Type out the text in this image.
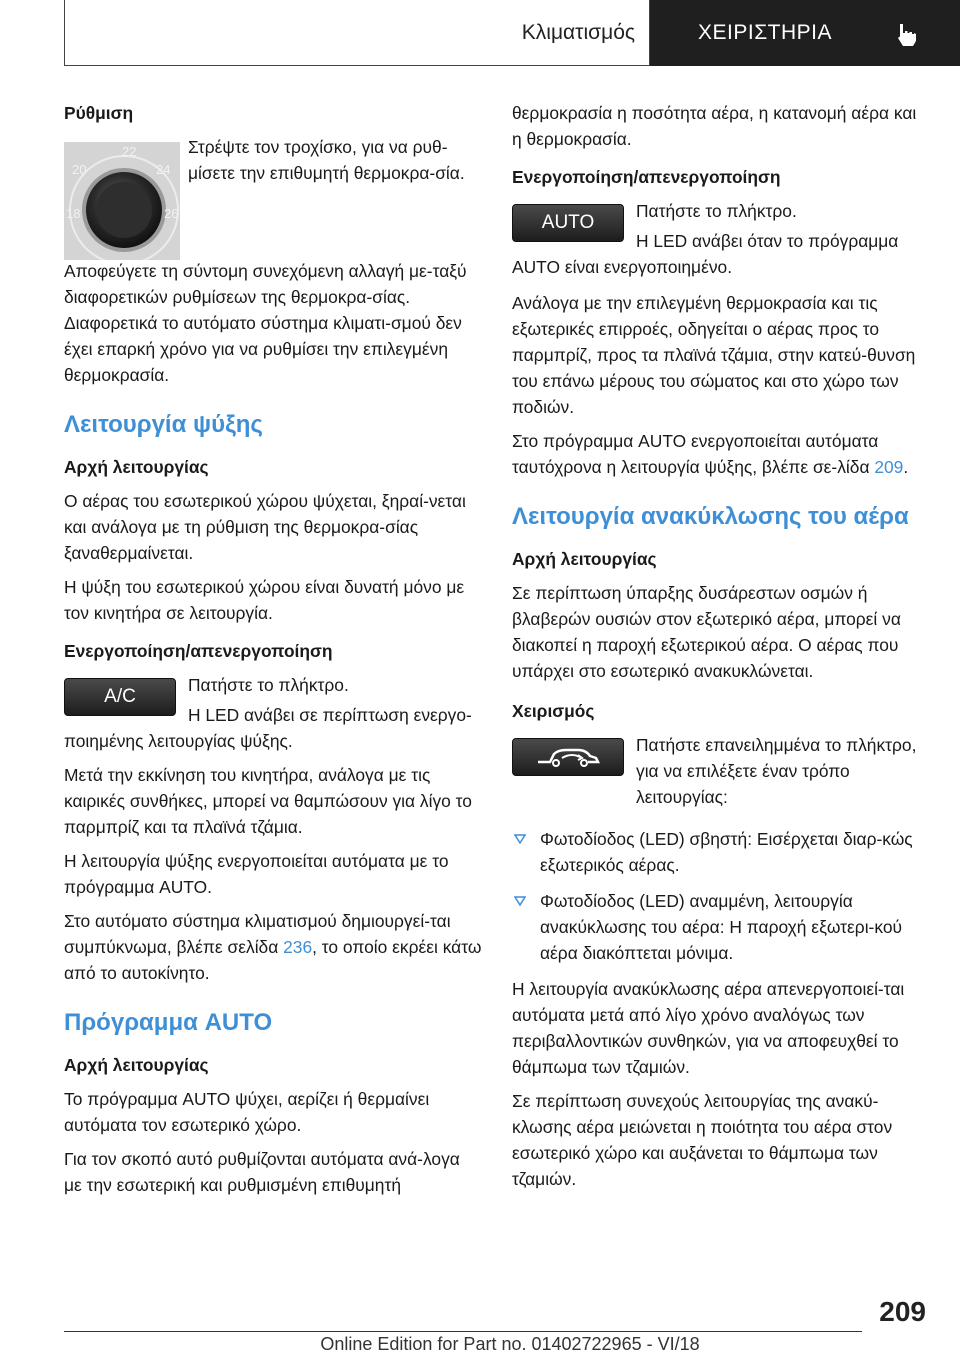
Κλιματισμός	ΧΕΙΡΙΣΤΗΡΙΑ
Ρύθμιση
22
20	24
18	26

Στρέψτε τον τροχίσκο, για να ρυθ-μίσετε την επιθυμητή θερμοκρα-σία.

Αποφεύγετε τη σύντομη συνεχόμενη αλλαγή με-ταξύ διαφορετικών ρυθμίσεων της θερμοκρα-σίας. Διαφορετικά το αυτόματο σύστημα κλιματι-σμού δεν έχει επαρκή χρόνο για να ρυθμίσει την επιλεγμένη θερμοκρασία.

Λειτουργία ψύξης
Αρχή λειτουργίας

Ο αέρας του εσωτερικού χώρου ψύχεται, ξηραί-νεται και ανάλογα με τη ρύθμιση της θερμοκρα-σίας ξαναθερμαίνεται.

Η ψύξη του εσωτερικού χώρου είναι δυνατή μόνο με τον κινητήρα σε λειτουργία.

Ενεργοποίηση/απενεργοποίηση
A/C

Πατήστε το πλήκτρο.

Η LED ανάβει σε περίπτωση ενεργο-ποιημένης λειτουργίας ψύξης.

Μετά την εκκίνηση του κινητήρα, ανάλογα με τις καιρικές συνθήκες, μπορεί να θαμπώσουν για λίγο το παρμπρίζ και τα πλαϊνά τζάμια.

Η λειτουργία ψύξης ενεργοποιείται αυτόματα με το πρόγραμμα AUTO.

Στο αυτόματο σύστημα κλιματισμού δημιουργεί-ται συμπύκνωμα, βλέπε σελίδα 236, το οποίο εκρέει κάτω από το αυτοκίνητο.

Πρόγραμμα AUTO
Αρχή λειτουργίας

Το πρόγραμμα AUTO ψύχει, αερίζει ή θερμαίνει αυτόματα τον εσωτερικό χώρο.

Για τον σκοπό αυτό ρυθμίζονται αυτόματα ανά-λογα με την εσωτερική και ρυθμισμένη επιθυμητή

θερμοκρασία η ποσότητα αέρα, η κατανομή αέρα και η θερμοκρασία.

Ενεργοποίηση/απενεργοποίηση
AUTO

Πατήστε το πλήκτρο.

Η LED ανάβει όταν το πρόγραμμα AUTO είναι ενεργοποιημένο.

Ανάλογα με την επιλεγμένη θερμοκρασία και τις εξωτερικές επιρροές, οδηγείται ο αέρας προς το παρμπρίζ, προς τα πλαϊνά τζάμια, στην κατεύ-θυνση του επάνω μέρους του σώματος και στο χώρο των ποδιών.

Στο πρόγραμμα AUTO ενεργοποιείται αυτόματα ταυτόχρονα η λειτουργία ψύξης, βλέπε σε-λίδα 209.

Λειτουργία ανακύκλωσης του αέρα
Αρχή λειτουργίας

Σε περίπτωση ύπαρξης δυσάρεστων οσμών ή βλαβερών ουσιών στον εξωτερικό αέρα, μπορεί να διακοπεί η παροχή εξωτερικού αέρα. Ο αέρας που υπάρχει στο εσωτερικό ανακυκλώνεται.

Χειρισμός

Πατήστε επανειλημμένα το πλήκτρο, για να επιλέξετε έναν τρόπο λειτουργίας:

Φωτοδίοδος (LED) σβηστή: Εισέρχεται διαρ-κώς εξωτερικός αέρας.
Φωτοδίοδος (LED) αναμμένη, λειτουργία ανακύκλωσης του αέρα: Η παροχή εξωτερι-κού αέρα διακόπτεται μόνιμα.

Η λειτουργία ανακύκλωσης αέρα απενεργοποιεί-ται αυτόματα μετά από λίγο χρόνο αναλόγως των περιβαλλοντικών συνθηκών, για να αποφευχθεί το θάμπωμα των τζαμιών.

Σε περίπτωση συνεχούς λειτουργίας της ανακύ-κλωσης αέρα μειώνεται η ποιότητα του αέρα στον εσωτερικό χώρο και αυξάνεται το θάμπωμα των τζαμιών.

209
Online Edition for Part no. 01402722965 - VI/18
